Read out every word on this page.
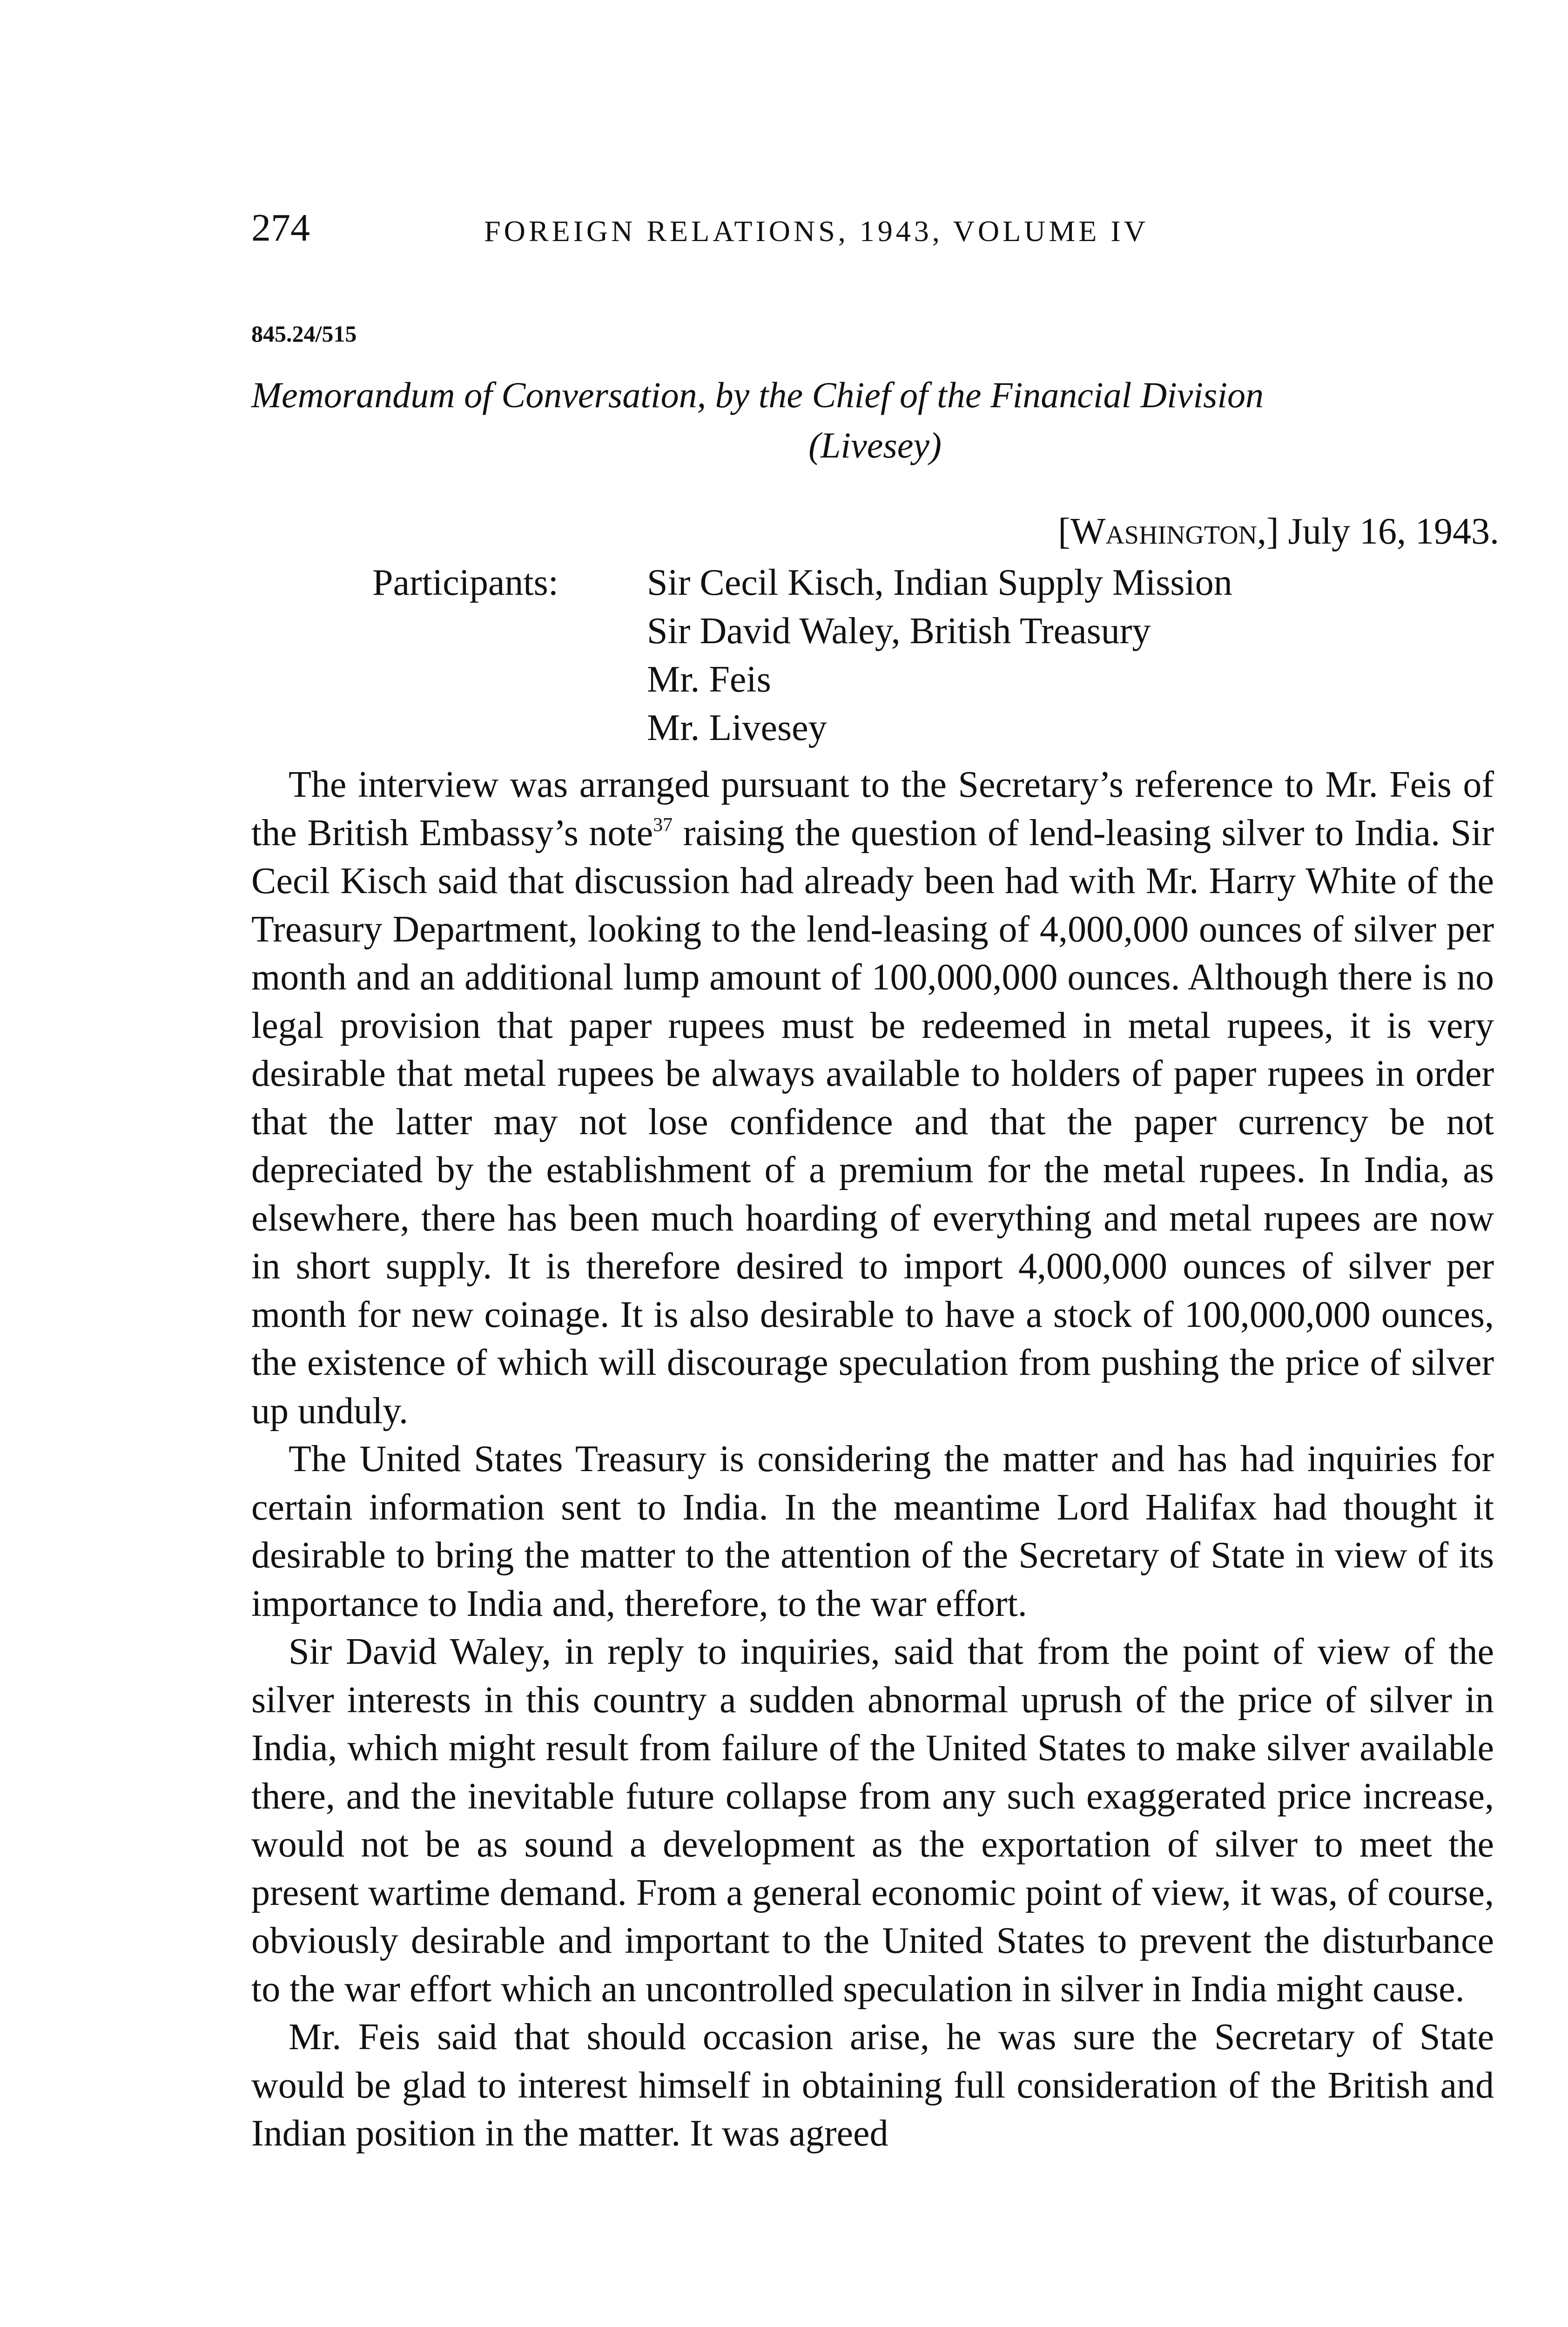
274	FOREIGN RELATIONS, 1943, VOLUME IV
845.24/515
Memorandum of Conversation, by the Chief of the Financial Division
(Livesey)
[Washington,] July 16, 1943.
Participants: Sir Cecil Kisch, Indian Supply Mission
Sir David Waley, British Treasury
Mr. Feis
Mr. Livesey

The interview was arranged pursuant to the Secretary’s reference to Mr. Feis of the British Embassy’s note$^{37}$ raising the question of lend-leasing silver to India. Sir Cecil Kisch said that discussion had already been had with Mr. Harry White of the Treasury Department, looking to the lend-leasing of 4,000,000 ounces of silver per month and an additional lump amount of 100,000,000 ounces. Although there is no legal provision that paper rupees must be redeemed in metal rupees, it is very desirable that metal rupees be always available to holders of paper rupees in order that the latter may not lose confidence and that the paper currency be not depreciated by the establishment of a premium for the metal rupees. In India, as elsewhere, there has been much hoarding of everything and metal rupees are now in short supply. It is therefore desired to import 4,000,000 ounces of silver per month for new coinage. It is also desirable to have a stock of 100,000,000 ounces, the existence of which will discourage speculation from pushing the price of silver up unduly.

The United States Treasury is considering the matter and has had inquiries for certain information sent to India. In the meantime Lord Halifax had thought it desirable to bring the matter to the attention of the Secretary of State in view of its importance to India and, therefore, to the war effort.

Sir David Waley, in reply to inquiries, said that from the point of view of the silver interests in this country a sudden abnormal uprush of the price of silver in India, which might result from failure of the United States to make silver available there, and the inevitable future collapse from any such exaggerated price increase, would not be as sound a development as the exportation of silver to meet the present wartime demand. From a general economic point of view, it was, of course, obviously desirable and important to the United States to prevent the disturbance to the war effort which an uncontrolled speculation in silver in India might cause.

Mr. Feis said that should occasion arise, he was sure the Secretary of State would be glad to interest himself in obtaining full consideration of the British and Indian position in the matter. It was agreed
